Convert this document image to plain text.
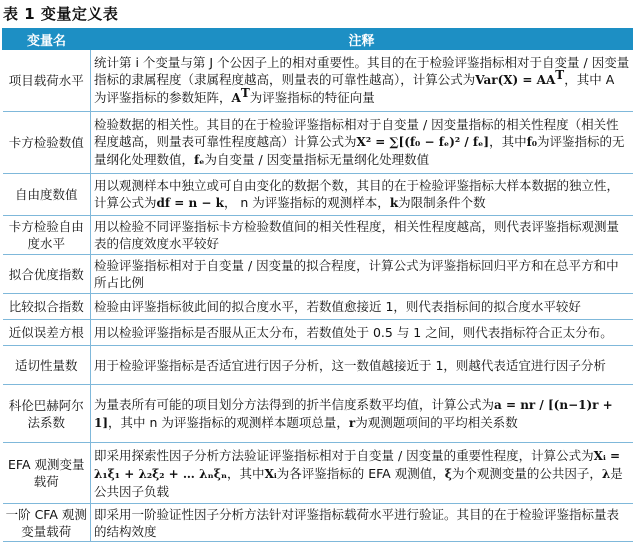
表 1 变量定义表
变量名	注释
项目载荷水平	统计第 i 个变量与第 J 个公因子上的相对重要性。其目的在于检验评鉴指标相对于自变量 / 因变量指标的隶属程度（隶属程度越高，则量表的可靠性越高），计算公式为$Var(X) = AA^T$，其中 A 为评鉴指标的参数矩阵，$A^T$为评鉴指标的特征向量
卡方检验数值	检验数据的相关性。其目的在于检验评鉴指标相对于自变量 / 因变量指标的相关性程度（相关性程度越高，则量表可靠性程度越高）计算公式为X² = ∑[(f₀ − fₑ)² / fₑ]，其中f₀为评鉴指标的无量纲化处理数值，fₑ为自变量 / 因变量指标无量纲化处理数值
自由度数值	用以观测样本中独立或可自由变化的数据个数，其目的在于检验评鉴指标大样本数据的独立性，计算公式为df = n − k， n 为评鉴指标的观测样本，k为限制条件个数
卡方检验自由度水平	用以检验不同评鉴指标卡方检验数值间的相关性程度，相关性程度越高，则代表评鉴指标观测量表的信度效度水平较好
拟合优度指数	检验评鉴指标相对于自变量 / 因变量的拟合程度，计算公式为评鉴指标回归平方和在总平方和中所占比例
比较拟合指数	检验由评鉴指标彼此间的拟合度水平，若数值愈接近 1，则代表指标间的拟合度水平较好
近似误差方根	用以检验评鉴指标是否服从正太分布，若数值处于 0.5 与 1 之间，则代表指标符合正太分布。
适切性量数	用于检验评鉴指标是否适宜进行因子分析，这一数值越接近于 1，则越代表适宜进行因子分析
科伦巴赫阿尔法系数	为量表所有可能的项目划分方法得到的折半信度系数平均值，计算公式为a = nr / [(n−1)r + 1]，其中 n 为评鉴指标的观测样本题项总量，r为观测题项间的平均相关系数
EFA 观测变量载荷	即采用探索性因子分析方法验证评鉴指标相对于自变量 / 因变量的重要性程度，计算公式为Xᵢ = λ₁ξ₁ + λ₂ξ₂ + … λₙξₙ，其中Xᵢ为各评鉴指标的 EFA 观测值，ξ为个观测变量的公共因子，λ是公共因子负载
一阶 CFA 观测变量载荷	即采用一阶验证性因子分析方法针对评鉴指标载荷水平进行验证。其目的在于检验评鉴指标量表的结构效度
